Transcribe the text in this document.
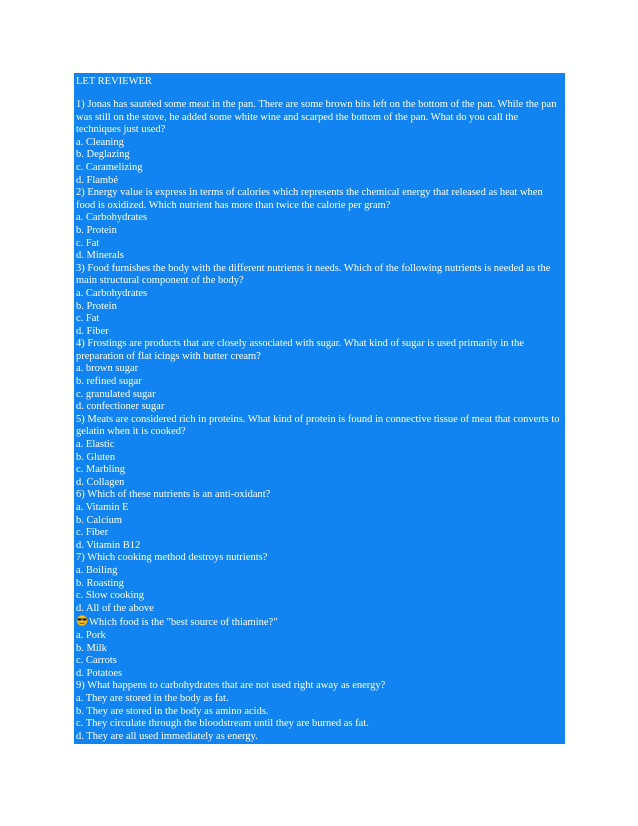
LET REVIEWER
1) Jonas has sautéed some meat in the pan. There are some brown bits left on the bottom of the pan. While the pan was still on the stove, he added some white wine and scarped the bottom of the pan. What do you call the techniques just used?
a. Cleaning
b. Deglazing
c. Caramelizing
d. Flambé
2) Energy value is express in terms of calories which represents the chemical energy that released as heat when food is oxidized. Which nutrient has more than twice the calorie per gram?
a. Carbohydrates
b. Protein
c. Fat
d. Minerals
3) Food furnishes the body with the different nutrients it needs. Which of the following nutrients is needed as the main structural component of the body?
a. Carbohydrates
b. Protein
c. Fat
d. Fiber
4) Frostings are products that are closely associated with sugar. What kind of sugar is used primarily in the preparation of flat icings with butter cream?
a. brown sugar
b. refined sugar
c. granulated sugar
d. confectioner sugar
5) Meats are considered rich in proteins. What kind of protein is found in connective tissue of meat that converts to gelatin when it is cooked?
a. Elastic
b. Gluten
c. Marbling
d. Collagen
6) Which of these nutrients is an anti-oxidant?
a. Vitamin E
b. Calcium
c. Fiber
d. Vitamin B12
7) Which cooking method destroys nutrients?
a. Boiling
b. Roasting
c. Slow cooking
d. All of the above
Which food is the "best source of thiamine?"
a. Pork
b. Milk
c. Carrots
d. Potatoes
9) What happens to carbohydrates that are not used right away as energy?
a. They are stored in the body as fat.
b. They are stored in the body as amino acids.
c. They circulate through the bloodstream until they are burned as fat.
d. They are all used immediately as energy.
